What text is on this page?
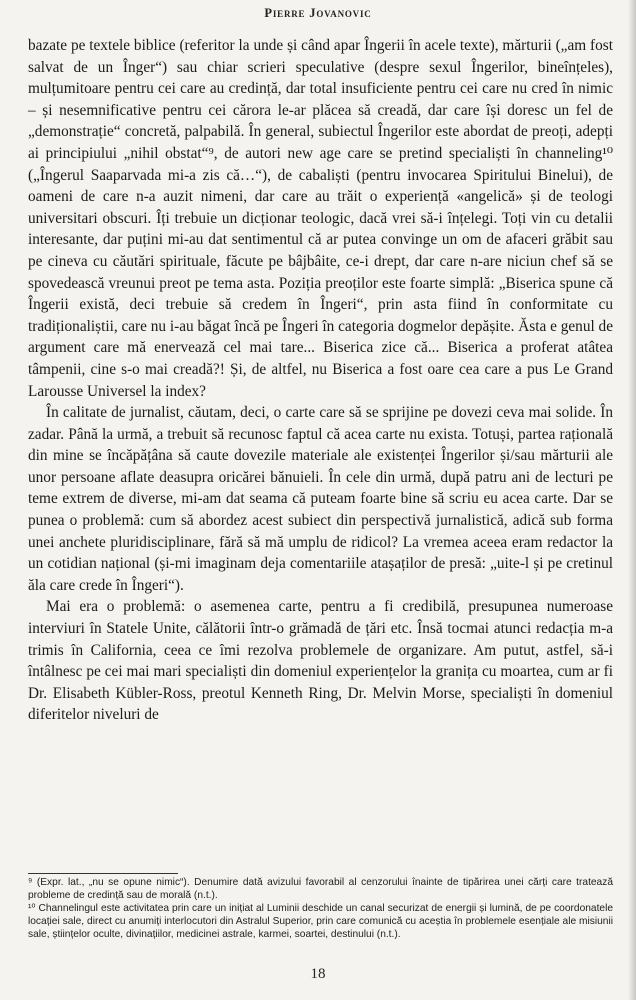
Pierre Jovanovic

bazate pe textele biblice (referitor la unde și când apar Îngerii în acele texte), mărturii („am fost salvat de un Înger“) sau chiar scrieri speculative (despre sexul Îngerilor, bineînțeles), mulțumitoare pentru cei care au credință, dar total insuficiente pentru cei care nu cred în nimic – și nesemnificative pentru cei cărora le-ar plăcea să creadă, dar care își doresc un fel de „demonstrație“ concretă, palpabilă. În general, subiectul Îngerilor este abordat de preoți, adepți ai principiului „nihil obstat“⁹, de autori new age care se pretind specialiști în channeling¹⁰ („Îngerul Saaparvada mi-a zis că…“), de cabaliști (pentru invocarea Spiritului Binelui), de oameni de care n-a auzit nimeni, dar care au trăit o experiență «angelică» și de teologi universitari obscuri. Îți trebuie un dicționar teologic, dacă vrei să-i înțelegi. Toți vin cu detalii interesante, dar puțini mi-au dat sentimentul că ar putea convinge un om de afaceri grăbit sau pe cineva cu căutări spirituale, făcute pe bâjbâite, ce-i drept, dar care n-are niciun chef să se spovedească vreunui preot pe tema asta. Poziția preoților este foarte simplă: „Biserica spune că Îngerii există, deci trebuie să credem în Îngeri“, prin asta fiind în conformitate cu tradiționaliștii, care nu i-au băgat încă pe Îngeri în categoria dogmelor depășite. Ăsta e genul de argument care mă enervează cel mai tare... Biserica zice că... Biserica a proferat atâtea tâmpenii, cine s-o mai creadă?! Și, de altfel, nu Biserica a fost oare cea care a pus Le Grand Larousse Universel la index?

În calitate de jurnalist, căutam, deci, o carte care să se sprijine pe dovezi ceva mai solide. În zadar. Până la urmă, a trebuit să recunosc faptul că acea carte nu exista. Totuși, partea rațională din mine se încăpățâna să caute dovezile materiale ale existenței Îngerilor și/sau mărturii ale unor persoane aflate deasupra oricărei bănuieli. În cele din urmă, după patru ani de lecturi pe teme extrem de diverse, mi-am dat seama că puteam foarte bine să scriu eu acea carte. Dar se punea o problemă: cum să abordez acest subiect din perspectivă jurnalistică, adică sub forma unei anchete pluridisciplinare, fără să mă umplu de ridicol? La vremea aceea eram redactor la un cotidian național (și-mi imaginam deja comentariile atașaților de presă: „uite-l și pe cretinul ăla care crede în Îngeri“).

Mai era o problemă: o asemenea carte, pentru a fi credibilă, presupunea numeroase interviuri în Statele Unite, călătorii într-o grămadă de țări etc. Însă tocmai atunci redacția m-a trimis în California, ceea ce îmi rezolva problemele de organizare. Am putut, astfel, să-i întâlnesc pe cei mai mari specialiști din domeniul experiențelor la granița cu moartea, cum ar fi Dr. Elisabeth Kübler-Ross, preotul Kenneth Ring, Dr. Melvin Morse, specialiști în domeniul diferitelor niveluri de

⁹ (Expr. lat., „nu se opune nimic“). Denumire dată avizului favorabil al cenzorului înainte de tipărirea unei cărți care tratează probleme de credință sau de morală (n.t.).

¹⁰ Channelingul este activitatea prin care un inițiat al Luminii deschide un canal securizat de energii și lumină, de pe coordonatele locației sale, direct cu anumiți interlocutori din Astralul Superior, prin care comunică cu aceștia în problemele esențiale ale misiunii sale, științelor oculte, divinațiilor, medicinei astrale, karmei, soartei, destinului (n.t.).

18
